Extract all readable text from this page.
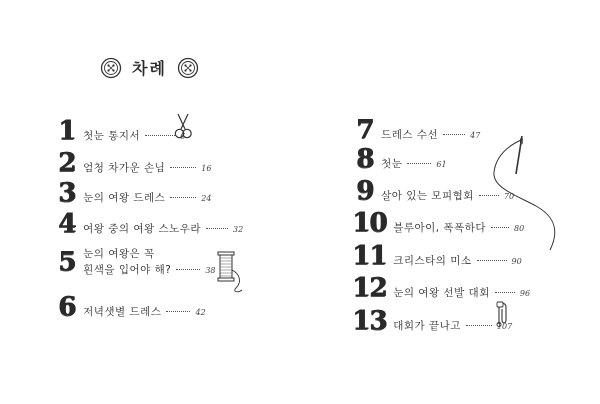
차례
1 첫눈 통지서	6
2 엄청 차가운 손님	16
3 눈의 여왕 드레스	24
4 여왕 중의 여왕 스노우라	32
5 눈의 여왕은 꼭
흰색을 입어야 해?	38
6 저녁샛별 드레스	42
7 드레스 수선	47
8 첫눈	61
9 살아 있는 모피협회	70
10 블루아이, 폭폭하다	80
11 크리스타의 미소	90
12 눈의 여왕 선발 대회	96
13 대회가 끝나고	107
